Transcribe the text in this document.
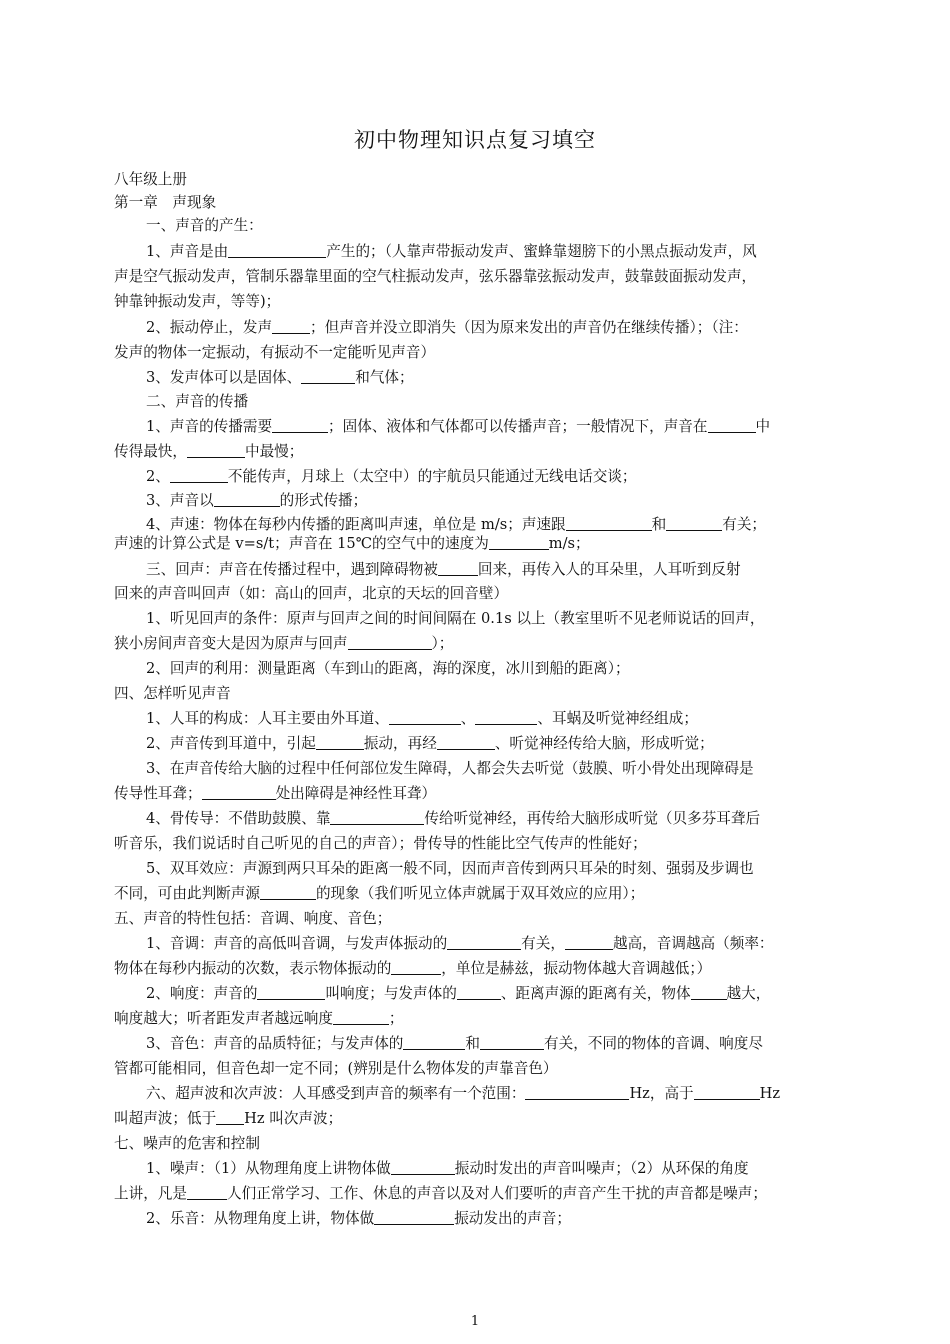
初中物理知识点复习填空
八年级上册
第一章　声现象
一、声音的产生：
1、声音是由	产生的；（人靠声带振动发声、蜜蜂靠翅膀下的小黑点振动发声，风
声是空气振动发声，管制乐器靠里面的空气柱振动发声，弦乐器靠弦振动发声，鼓靠鼓面振动发声，
钟靠钟振动发声，等等)；
2、振动停止，发声	；但声音并没立即消失（因为原来发出的声音仍在继续传播）；（注：
发声的物体一定振动，有振动不一定能听见声音）
3、发声体可以是固体、	和气体；
二、声音的传播
1、声音的传播需要	；固体、液体和气体都可以传播声音；一般情况下，声音在	中
传得最快，	中最慢；
2、	不能传声，月球上（太空中）的宇航员只能通过无线电话交谈；
3、声音以	的形式传播；
4、声速：物体在每秒内传播的距离叫声速，单位是 m/s；声速跟	和	有关；
声速的计算公式是 v=s/t；声音在 15℃的空气中的速度为	m/s；
三、回声：声音在传播过程中，遇到障碍物被	回来，再传入人的耳朵里，人耳听到反射
回来的声音叫回声（如：高山的回声，北京的天坛的回音壁）
1、听见回声的条件：原声与回声之间的时间间隔在 0.1s 以上（教室里听不见老师说话的回声，
狭小房间声音变大是因为原声与回声	）；
2、回声的利用：测量距离（车到山的距离，海的深度，冰川到船的距离）；
四、怎样听见声音
1、人耳的构成：人耳主要由外耳道、	、	、耳蜗及听觉神经组成；
2、声音传到耳道中，引起	振动，再经	、听觉神经传给大脑，形成听觉；
3、在声音传给大脑的过程中任何部位发生障碍，人都会失去听觉（鼓膜、听小骨处出现障碍是
传导性耳聋；	处出障碍是神经性耳聋）
4、骨传导：不借助鼓膜、靠	传给听觉神经，再传给大脑形成听觉（贝多芬耳聋后
听音乐，我们说话时自己听见的自己的声音）；骨传导的性能比空气传声的性能好；
5、双耳效应：声源到两只耳朵的距离一般不同，因而声音传到两只耳朵的时刻、强弱及步调也
不同，可由此判断声源	的现象（我们听见立体声就属于双耳效应的应用）；
五、声音的特性包括：音调、响度、音色；
1、音调：声音的高低叫音调，与发声体振动的	有关，	越高，音调越高（频率：
物体在每秒内振动的次数，表示物体振动的	，单位是赫兹，振动物体越大音调越低；）
2、响度：声音的	叫响度；与发声体的	、距离声源的距离有关，物体 越大，
响度越大；听者距发声者越远响度	；
3、音色：声音的品质特征；与发声体的	和	有关，不同的物体的音调、响度尽
管都可能相同，但音色却一定不同；(辨别是什么物体发的声靠音色）
六、超声波和次声波：人耳感受到声音的频率有一个范围：	Hz，高于	Hz
叫超声波；低于 Hz 叫次声波；
七、噪声的危害和控制
1、噪声：（1）从物理角度上讲物体做	振动时发出的声音叫噪声；（2）从环保的角度
上讲，凡是	人们正常学习、工作、休息的声音以及对人们要听的声音产生干扰的声音都是噪声；
2、乐音：从物理角度上讲，物体做	振动发出的声音；
1
